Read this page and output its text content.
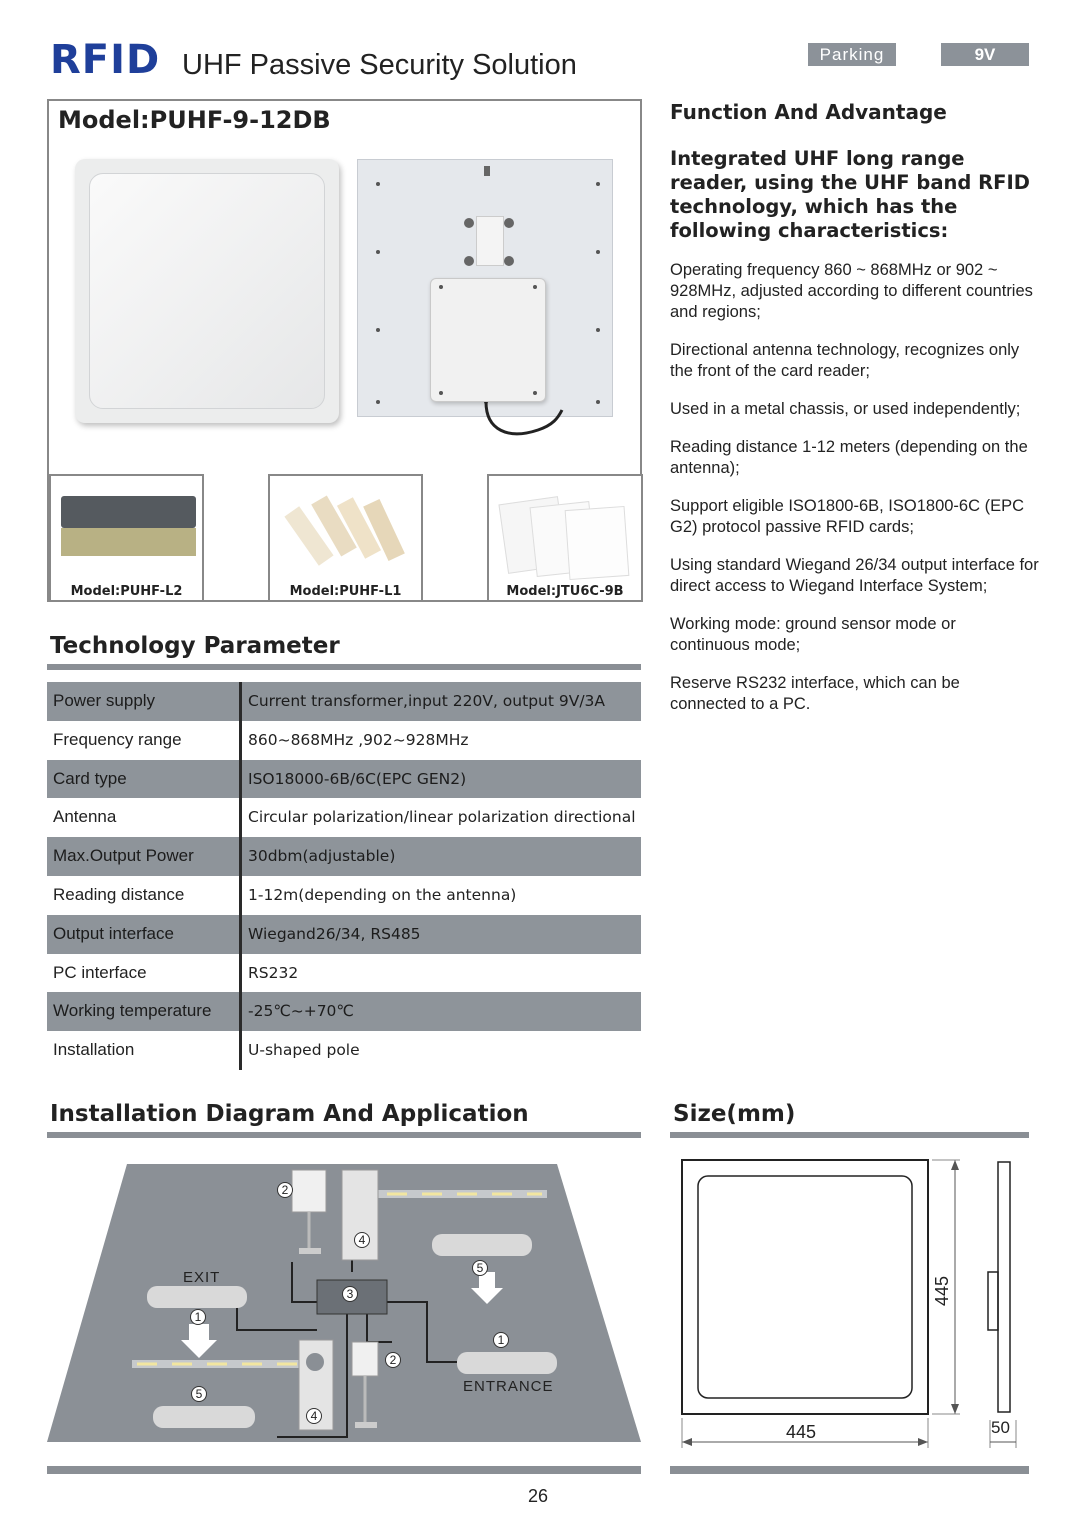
RFID UHF Passive Security Solution	Parking	9V
Model:PUHF-9-12DB
Model:PUHF-L2	Model:PUHF-L1	Model:JTU6C-9B
Function And Advantage
Integrated UHF long range reader, using the UHF band RFID technology, which has the following characteristics:
Operating frequency 860 ~ 868MHz or 902 ~ 928MHz, adjusted according to different countries and regions;
Directional antenna technology, recognizes only the front of the card reader;
Used in a metal chassis, or used independently;
Reading distance 1-12 meters (depending on the antenna);
Support eligible ISO1800-6B, ISO1800-6C (EPC G2) protocol passive RFID cards;
Using standard Wiegand 26/34 output interface for direct access to Wiegand Interface System;
Working mode: ground sensor mode or continuous mode;
Reserve RS232 interface, which can be connected to a PC.
Technology Parameter
Power supply	Current transformer,input 220V, output 9V/3A
Frequency range	860~868MHz ,902~928MHz
Card type	ISO18000-6B/6C(EPC GEN2)
Antenna	Circular polarization/linear polarization directional
Max.Output Power	30dbm(adjustable)
Reading distance	1-12m(depending on the antenna)
Output interface	Wiegand26/34, RS485
PC interface	RS232
Working temperature	-25℃~+70℃
Installation	U-shaped pole
Installation Diagram And Application
EXIT
ENTRANCE
1
1
2
2
3
4
4
5
5
Size(mm)
445
445
50
26
